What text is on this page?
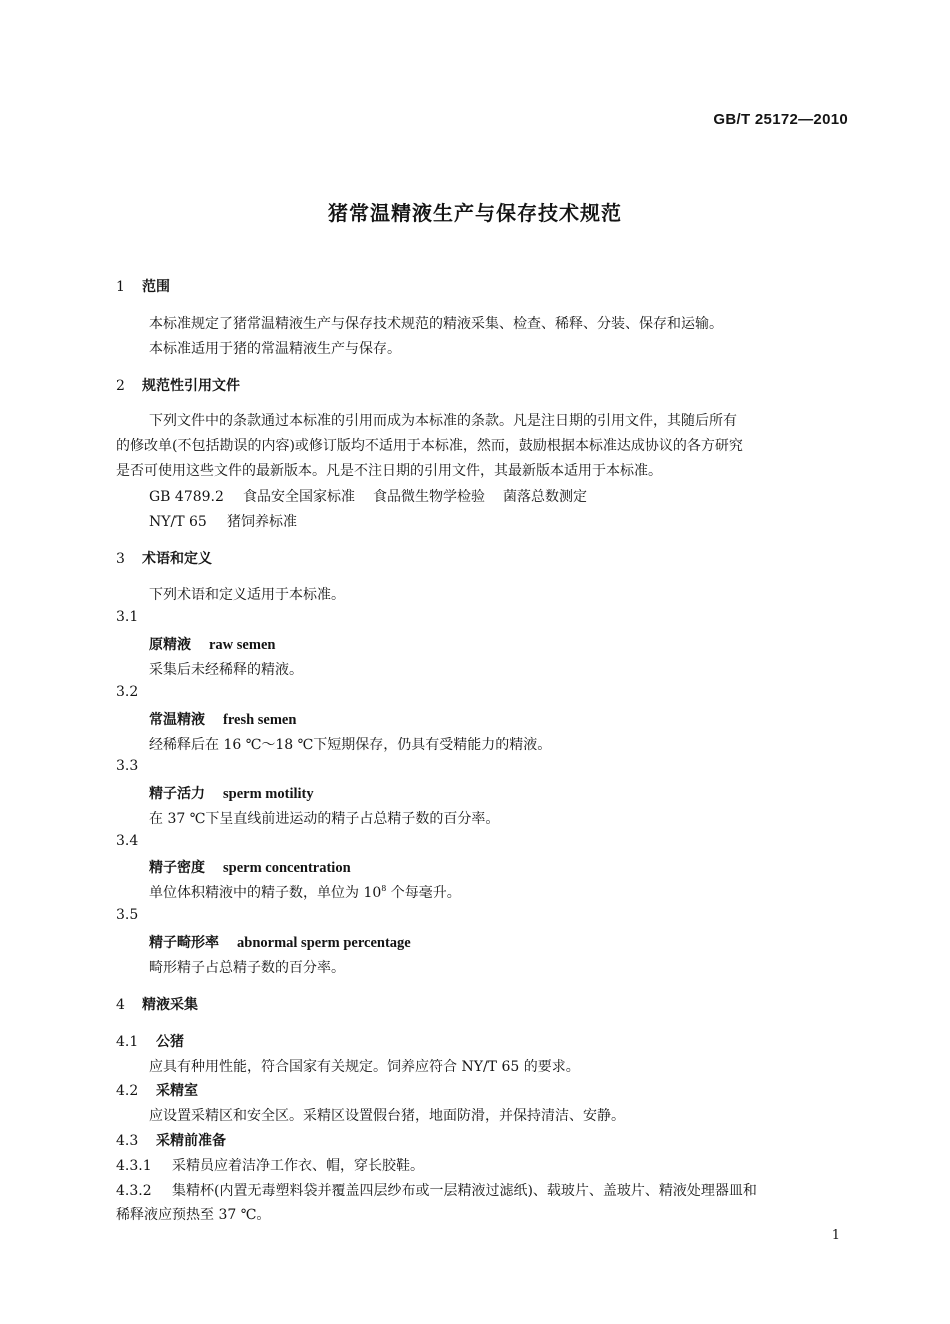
GB/T 25172—2010
猪常温精液生产与保存技术规范
1 范围
本标准规定了猪常温精液生产与保存技术规范的精液采集、检查、稀释、分装、保存和运输。
本标准适用于猪的常温精液生产与保存。
2 规范性引用文件
下列文件中的条款通过本标准的引用而成为本标准的条款。凡是注日期的引用文件，其随后所有
的修改单(不包括勘误的内容)或修订版均不适用于本标准，然而，鼓励根据本标准达成协议的各方研究
是否可使用这些文件的最新版本。凡是不注日期的引用文件，其最新版本适用于本标准。
GB 4789.2 食品安全国家标准 食品微生物学检验 菌落总数测定
NY/T 65 猪饲养标准
3 术语和定义
下列术语和定义适用于本标准。
3.1
原精液 raw semen
采集后未经稀释的精液。
3.2
常温精液 fresh semen
经稀释后在 16 ℃～18 ℃下短期保存，仍具有受精能力的精液。
3.3
精子活力 sperm motility
在 37 ℃下呈直线前进运动的精子占总精子数的百分率。
3.4
精子密度 sperm concentration
单位体积精液中的精子数，单位为 $10^8$ 个每毫升。
3.5
精子畸形率 abnormal sperm percentage
畸形精子占总精子数的百分率。
4 精液采集
4.1 公猪
应具有种用性能，符合国家有关规定。饲养应符合 NY/T 65 的要求。
4.2 采精室
应设置采精区和安全区。采精区设置假台猪，地面防滑，并保持清洁、安静。
4.3 采精前准备
4.3.1 采精员应着洁净工作衣、帽，穿长胶鞋。
4.3.2 集精杯(内置无毒塑料袋并覆盖四层纱布或一层精液过滤纸)、载玻片、盖玻片、精液处理器皿和
稀释液应预热至 37 ℃。
1
